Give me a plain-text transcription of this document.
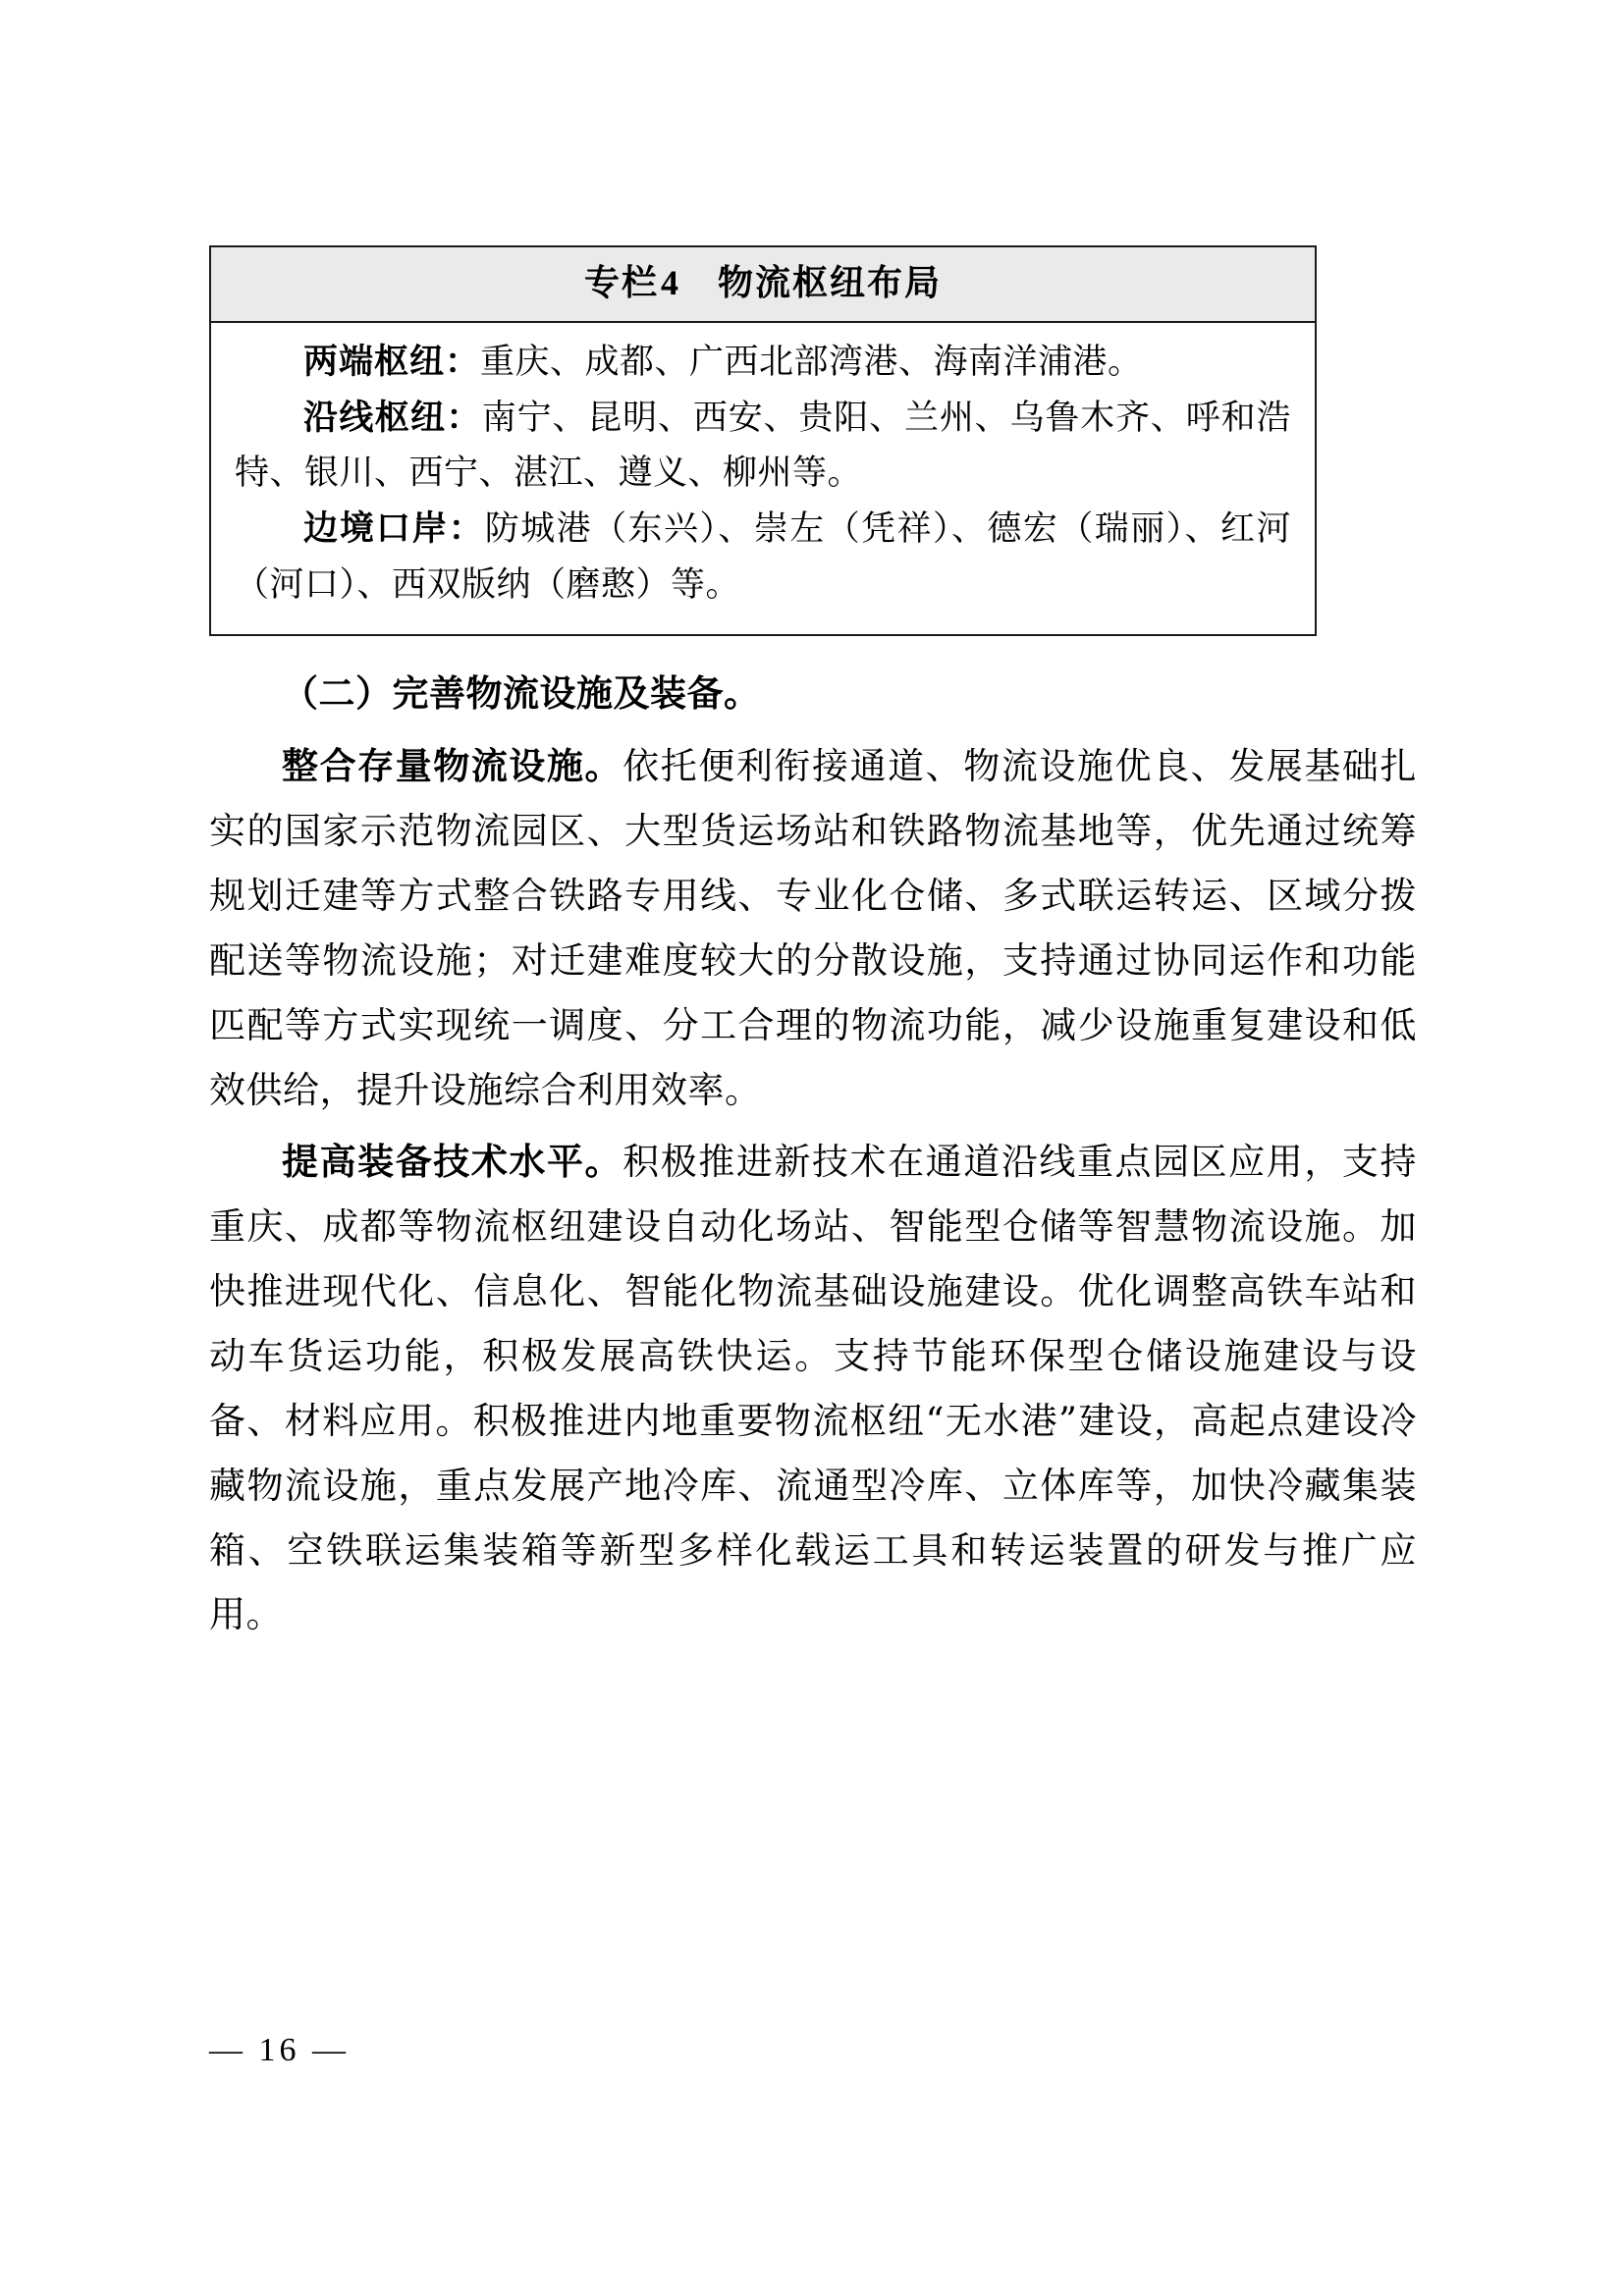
专栏4 物流枢纽布局

两端枢纽：重庆、成都、广西北部湾港、海南洋浦港。

沿线枢纽：南宁、昆明、西安、贵阳、兰州、乌鲁木齐、呼和浩特、银川、西宁、湛江、遵义、柳州等。

边境口岸：防城港（东兴）、崇左（凭祥）、德宏（瑞丽）、红河（河口）、西双版纳（磨憨）等。

（二）完善物流设施及装备。

整合存量物流设施。依托便利衔接通道、物流设施优良、发展基础扎实的国家示范物流园区、大型货运场站和铁路物流基地等，优先通过统筹规划迁建等方式整合铁路专用线、专业化仓储、多式联运转运、区域分拨配送等物流设施；对迁建难度较大的分散设施，支持通过协同运作和功能匹配等方式实现统一调度、分工合理的物流功能，减少设施重复建设和低效供给，提升设施综合利用效率。

提高装备技术水平。积极推进新技术在通道沿线重点园区应用，支持重庆、成都等物流枢纽建设自动化场站、智能型仓储等智慧物流设施。加快推进现代化、信息化、智能化物流基础设施建设。优化调整高铁车站和动车货运功能，积极发展高铁快运。支持节能环保型仓储设施建设与设备、材料应用。积极推进内地重要物流枢纽“无水港”建设，高起点建设冷藏物流设施，重点发展产地冷库、流通型冷库、立体库等，加快冷藏集装箱、空铁联运集装箱等新型多样化载运工具和转运装置的研发与推广应用。

— 16 —
